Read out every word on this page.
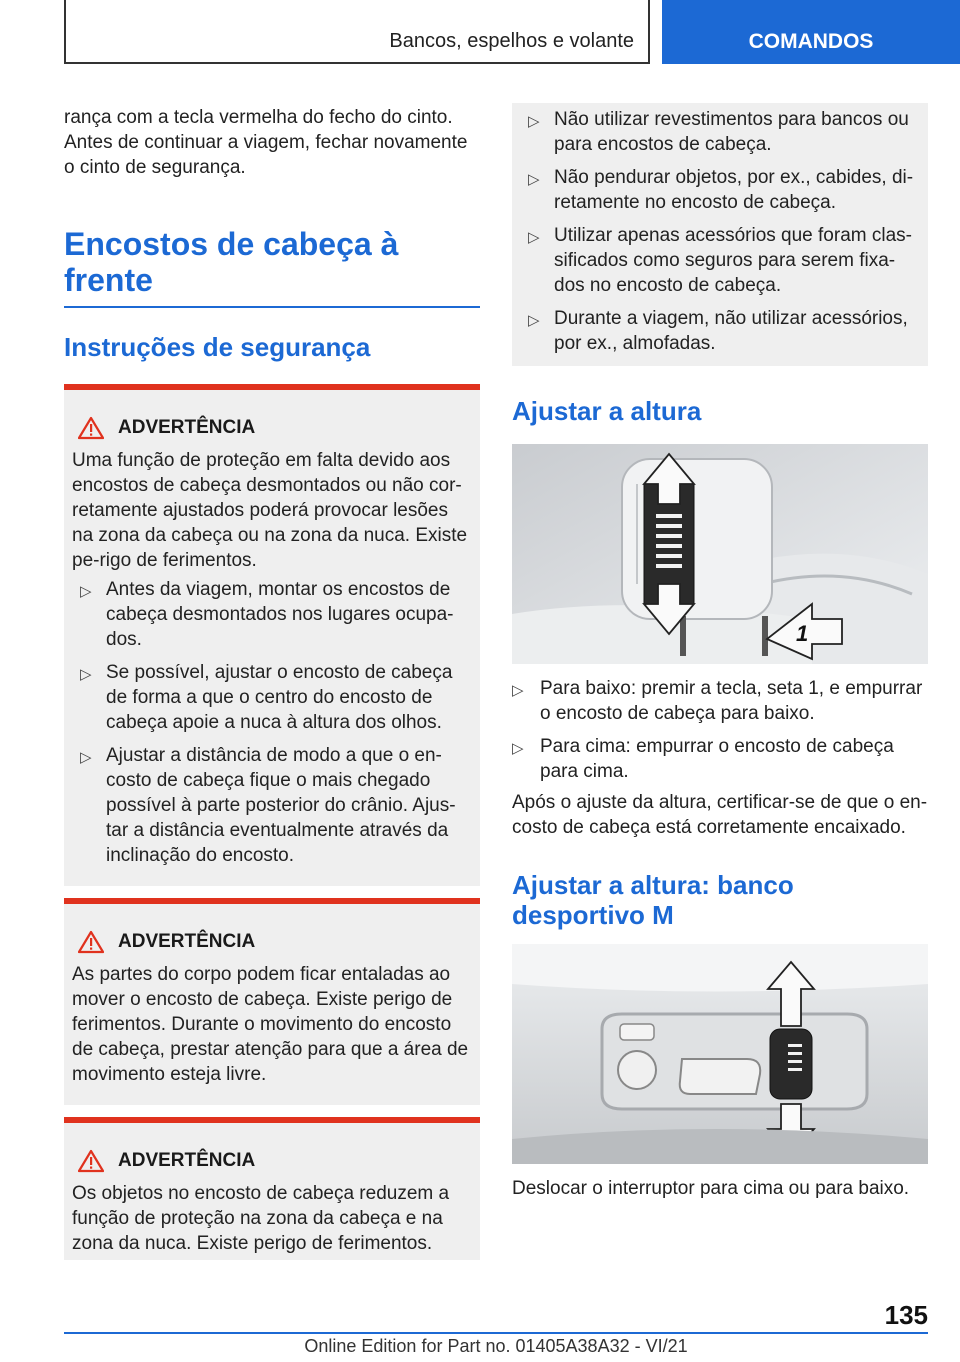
Bancos, espelhos e volante	COMANDOS

rança com a tecla vermelha do fecho do cinto. Antes de continuar a viagem, fechar novamente o cinto de segurança.

Encostos de cabeça à
frente
Instruções de segurança
ADVERTÊNCIA

Uma função de proteção em falta devido aos encostos de cabeça desmontados ou não cor-retamente ajustados poderá provocar lesões na zona da cabeça ou na zona da nuca. Existe pe-rigo de ferimentos.

▷ Antes da viagem, montar os encostos de cabeça desmontados nos lugares ocupa-dos.
▷ Se possível, ajustar o encosto de cabeça de forma a que o centro do encosto de cabeça apoie a nuca à altura dos olhos.
▷ Ajustar a distância de modo a que o en-costo de cabeça fique o mais chegado possível à parte posterior do crânio. Ajus-tar a distância eventualmente através da inclinação do encosto.
ADVERTÊNCIA

As partes do corpo podem ficar entaladas ao mover o encosto de cabeça. Existe perigo de ferimentos. Durante o movimento do encosto de cabeça, prestar atenção para que a área de movimento esteja livre.

ADVERTÊNCIA

Os objetos no encosto de cabeça reduzem a função de proteção na zona da cabeça e na zona da nuca. Existe perigo de ferimentos.

▷ Não utilizar revestimentos para bancos ou para encostos de cabeça.
▷ Não pendurar objetos, por ex., cabides, di-retamente no encosto de cabeça.
▷ Utilizar apenas acessórios que foram clas-sificados como seguros para serem fixa-dos no encosto de cabeça.
▷ Durante a viagem, não utilizar acessórios, por ex., almofadas.
Ajustar a altura
1
▷ Para baixo: premir a tecla, seta 1, e empurrar o encosto de cabeça para baixo.
▷ Para cima: empurrar o encosto de cabeça para cima.

Após o ajuste da altura, certificar-se de que o en-costo de cabeça está corretamente encaixado.

Ajustar a altura: banco
desportivo M

Deslocar o interruptor para cima ou para baixo.

135
Online Edition for Part no. 01405A38A32 - VI/21
